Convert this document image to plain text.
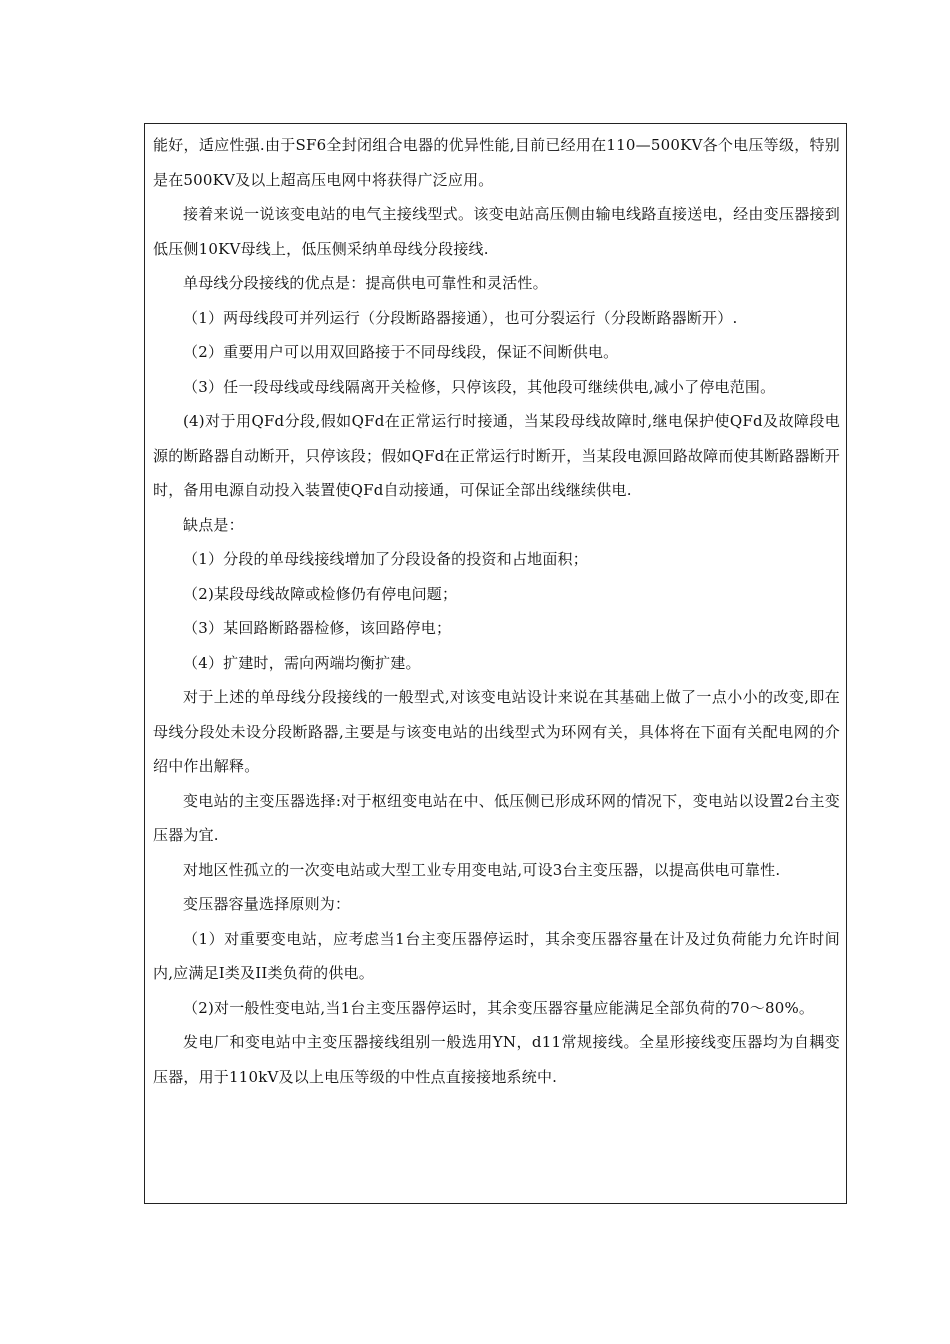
能好，适应性强.由于SF6全封闭组合电器的优异性能,目前已经用在110—500KV各个电压等级，特别是在500KV及以上超高压电网中将获得广泛应用。

接着来说一说该变电站的电气主接线型式。该变电站高压侧由输电线路直接送电，经由变压器接到低压侧10KV母线上，低压侧采纳单母线分段接线.

单母线分段接线的优点是：提高供电可靠性和灵活性。

（1）两母线段可并列运行（分段断路器接通），也可分裂运行（分段断路器断开）.

（2）重要用户可以用双回路接于不同母线段，保证不间断供电。

（3）任一段母线或母线隔离开关检修，只停该段，其他段可继续供电,减小了停电范围。

(4)对于用QFd分段,假如QFd在正常运行时接通，当某段母线故障时,继电保护使QFd及故障段电源的断路器自动断开，只停该段；假如QFd在正常运行时断开，当某段电源回路故障而使其断路器断开时，备用电源自动投入装置使QFd自动接通，可保证全部出线继续供电.

缺点是：

（1）分段的单母线接线增加了分段设备的投资和占地面积；

（2)某段母线故障或检修仍有停电问题；

（3）某回路断路器检修，该回路停电；

（4）扩建时，需向两端均衡扩建。

对于上述的单母线分段接线的一般型式,对该变电站设计来说在其基础上做了一点小小的改变,即在母线分段处未设分段断路器,主要是与该变电站的出线型式为环网有关，具体将在下面有关配电网的介绍中作出解释。

变电站的主变压器选择:对于枢纽变电站在中、低压侧已形成环网的情况下，变电站以设置2台主变压器为宜.

对地区性孤立的一次变电站或大型工业专用变电站,可设3台主变压器，以提高供电可靠性.

变压器容量选择原则为：

（1）对重要变电站，应考虑当1台主变压器停运时，其余变压器容量在计及过负荷能力允许时间内,应满足I类及II类负荷的供电。

（2)对一般性变电站,当1台主变压器停运时，其余变压器容量应能满足全部负荷的70～80%。

发电厂和变电站中主变压器接线组别一般选用YN，d11常规接线。全星形接线变压器均为自耦变压器，用于110kV及以上电压等级的中性点直接接地系统中.
